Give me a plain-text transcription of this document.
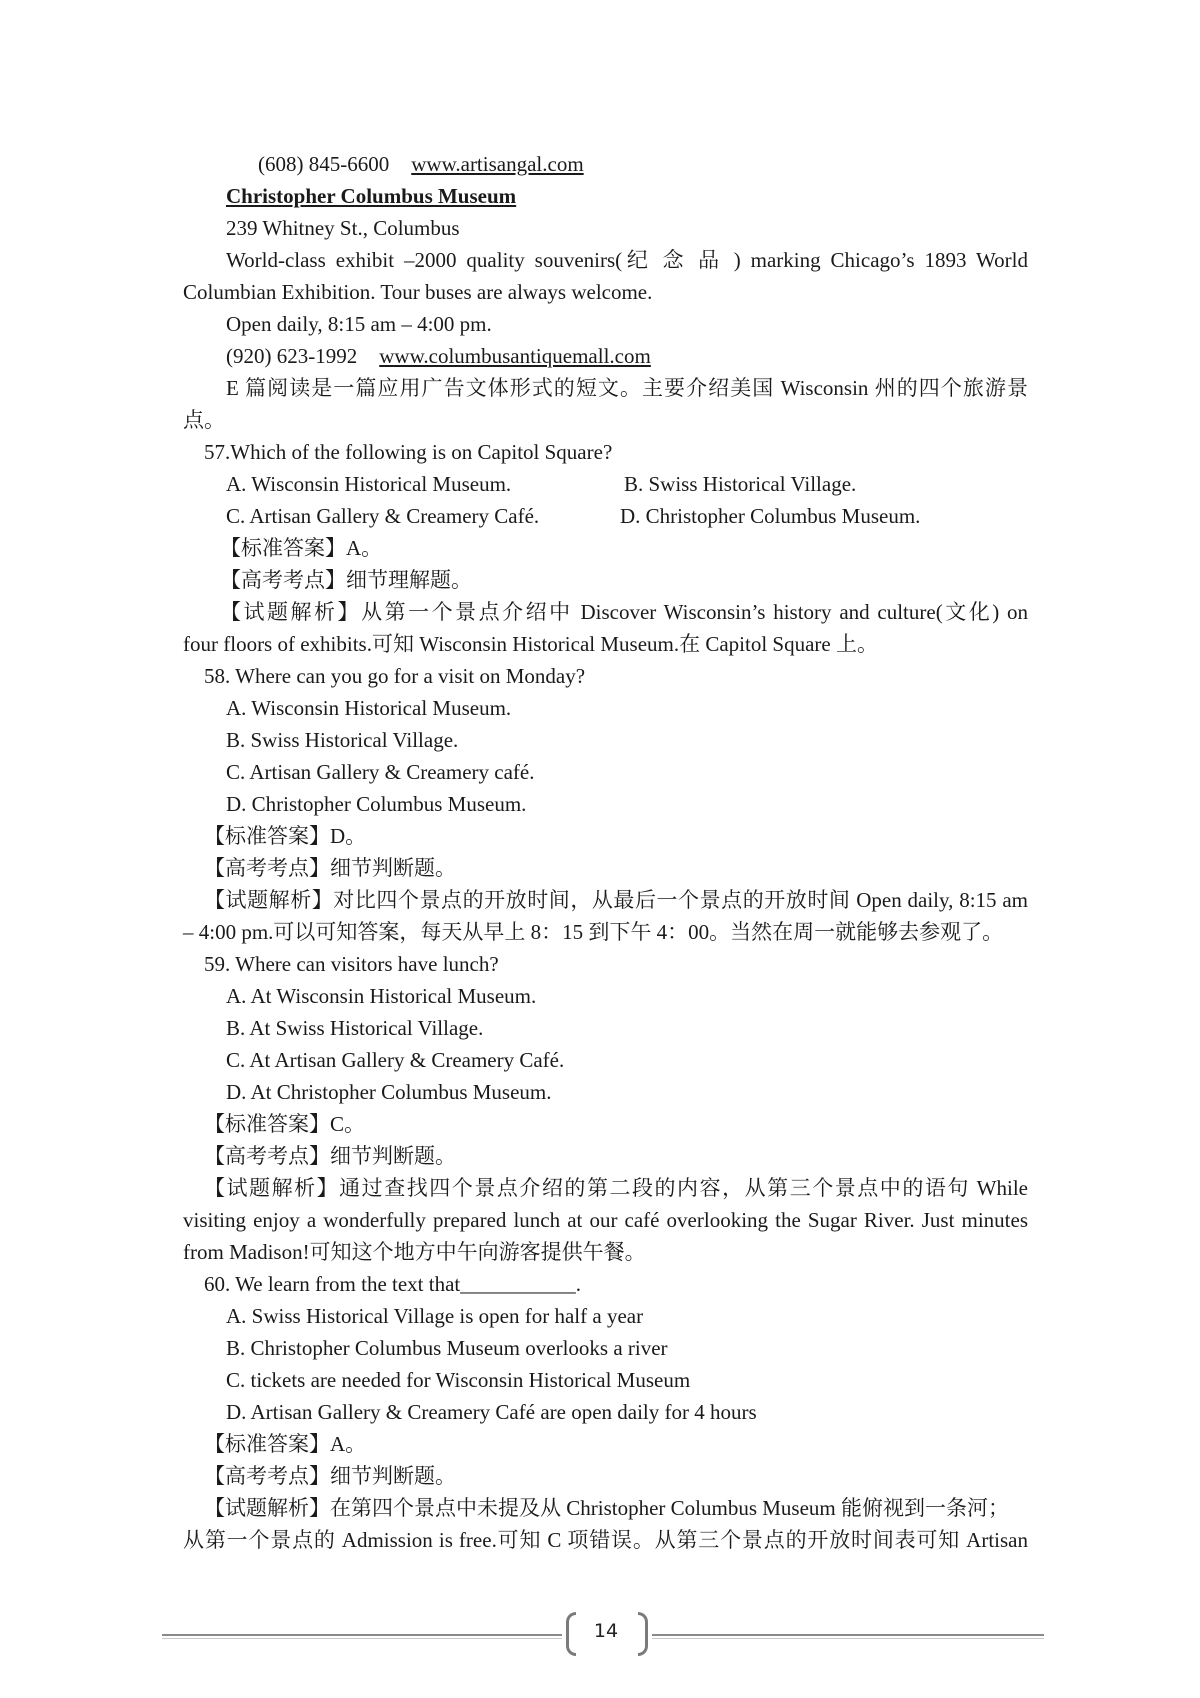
(608) 845-6600 www.artisangal.com
Christopher Columbus Museum
239 Whitney St., Columbus
World-class exhibit –2000 quality souvenirs(纪 念 品 ) marking Chicago’s 1893 World
Columbian Exhibition. Tour buses are always welcome.
Open daily, 8:15 am – 4:00 pm.
(920) 623-1992 www.columbusantiquemall.com
E 篇阅读是一篇应用广告文体形式的短文。主要介绍美国 Wisconsin 州的四个旅游景
点。
57.Which of the following is on Capitol Square?
A. Wisconsin Historical Museum.	B. Swiss Historical Village.
C. Artisan Gallery & Creamery Café.	D. Christopher Columbus Museum.
【标准答案】A。
【高考考点】细节理解题。
【试题解析】从第一个景点介绍中 Discover Wisconsin’s history and culture(文化) on
four floors of exhibits.可知 Wisconsin Historical Museum.在 Capitol Square 上。
58. Where can you go for a visit on Monday?
A. Wisconsin Historical Museum.
B. Swiss Historical Village.
C. Artisan Gallery & Creamery café.
D. Christopher Columbus Museum.
【标准答案】D。
【高考考点】细节判断题。
【试题解析】对比四个景点的开放时间，从最后一个景点的开放时间 Open daily, 8:15 am
– 4:00 pm.可以可知答案，每天从早上 8：15 到下午 4：00。当然在周一就能够去参观了。
59. Where can visitors have lunch?
A. At Wisconsin Historical Museum.
B. At Swiss Historical Village.
C. At Artisan Gallery & Creamery Café.
D. At Christopher Columbus Museum.
【标准答案】C。
【高考考点】细节判断题。
【试题解析】通过查找四个景点介绍的第二段的内容，从第三个景点中的语句 While
visiting enjoy a wonderfully prepared lunch at our café overlooking the Sugar River. Just minutes
from Madison!可知这个地方中午向游客提供午餐。
60. We learn from the text that___________.
A. Swiss Historical Village is open for half a year
B. Christopher Columbus Museum overlooks a river
C. tickets are needed for Wisconsin Historical Museum
D. Artisan Gallery & Creamery Café are open daily for 4 hours
【标准答案】A。
【高考考点】细节判断题。
【试题解析】在第四个景点中未提及从 Christopher Columbus Museum 能俯视到一条河；
从第一个景点的 Admission is free.可知 C 项错误。从第三个景点的开放时间表可知 Artisan
14
